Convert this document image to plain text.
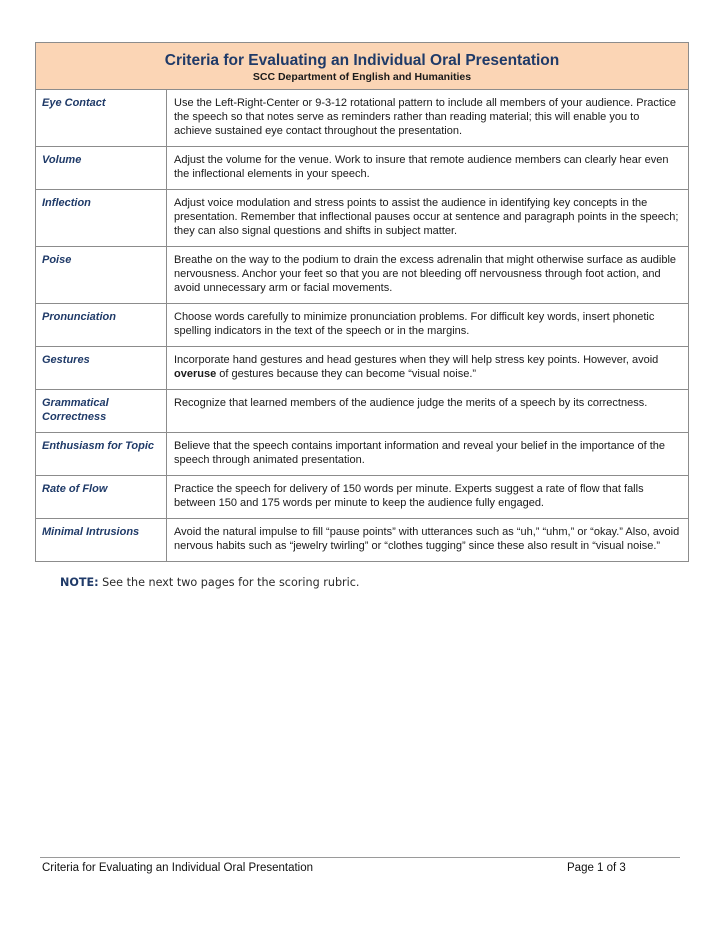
Criteria for Evaluating an Individual Oral Presentation
SCC Department of English and Humanities	

Eye Contact	Use the Left-Right-Center or 9-3-12 rotational pattern to include all members of your audience. Practice the speech so that notes serve as reminders rather than reading material; this will enable you to achieve sustained eye contact throughout the presentation.
Volume	Adjust the volume for the venue. Work to insure that remote audience members can clearly hear even the inflectional elements in your speech.
Inflection	Adjust voice modulation and stress points to assist the audience in identifying key concepts in the presentation. Remember that inflectional pauses occur at sentence and paragraph points in the speech; they can also signal questions and shifts in subject matter.
Poise	Breathe on the way to the podium to drain the excess adrenalin that might otherwise surface as audible nervousness. Anchor your feet so that you are not bleeding off nervousness through foot action, and avoid unnecessary arm or facial movements.
Pronunciation	Choose words carefully to minimize pronunciation problems. For difficult key words, insert phonetic spelling indicators in the text of the speech or in the margins.
Gestures	Incorporate hand gestures and head gestures when they will help stress key points. However, avoid overuse of gestures because they can become “visual noise.”
Grammatical Correctness	Recognize that learned members of the audience judge the merits of a speech by its correctness.
Enthusiasm for Topic	Believe that the speech contains important information and reveal your belief in the importance of the speech through animated presentation.
Rate of Flow	Practice the speech for delivery of 150 words per minute. Experts suggest a rate of flow that falls between 150 and 175 words per minute to keep the audience fully engaged.
Minimal Intrusions	Avoid the natural impulse to fill “pause points” with utterances such as “uh,” “uhm,” or “okay.” Also, avoid nervous habits such as “jewelry twirling” or “clothes tugging” since these also result in “visual noise.”
NOTE: See the next two pages for the scoring rubric.
Criteria for Evaluating an Individual Oral Presentation	Page 1 of 3
